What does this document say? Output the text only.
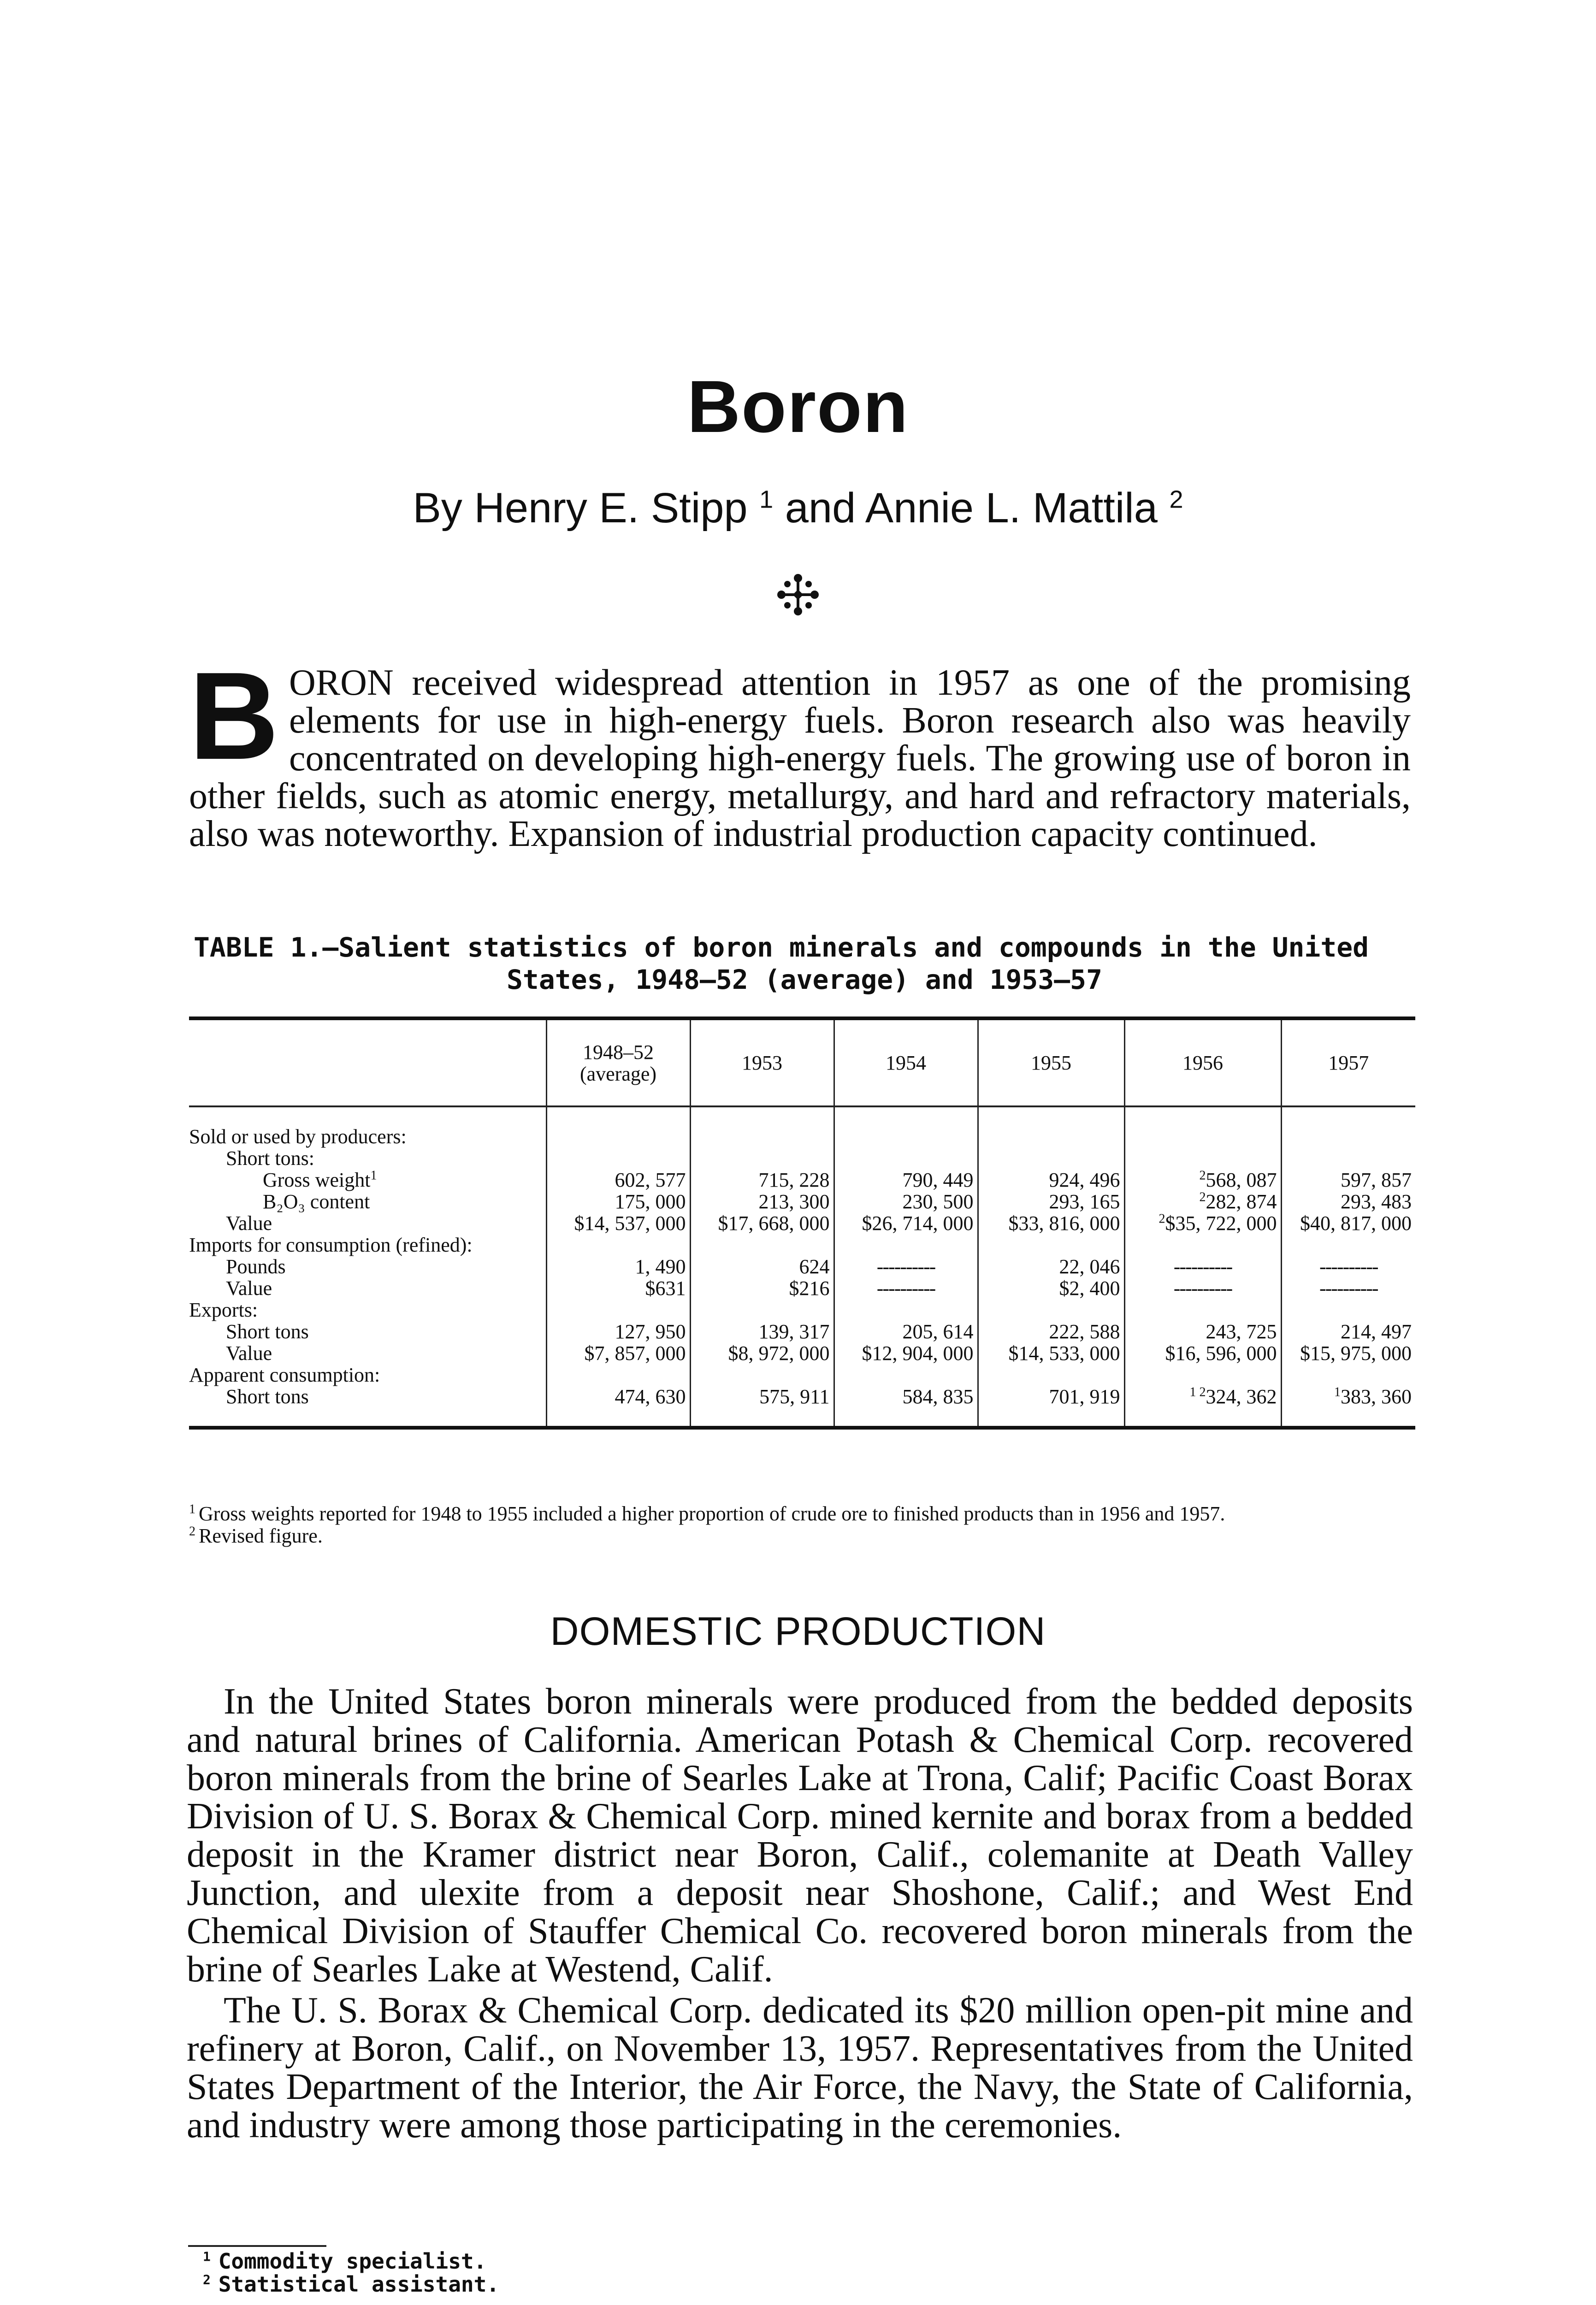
Boron
By Henry E. Stipp $^1$ and Annie L. Mattila $^2$
BORON received widespread attention in 1957 as one of the promising elements for use in high-energy fuels. Boron research also was heavily concentrated on developing high-energy fuels. The growing use of boron in other fields, such as atomic energy, metallurgy, and hard and refractory materials, also was noteworthy. Expansion of industrial production capacity continued.
TABLE 1.—Salient statistics of boron minerals and compounds in the United
States, 1948–52 (average) and 1953–57
	1948–52
(average)	1953	1954	1955	1956	1957
Sold or used by producers:						
Short tons:						
Gross weight$^1$	602, 577	715, 228	790, 449	924, 496	$^2$568, 087	597, 857
B₂O₃ content	175, 000	213, 300	230, 500	293, 165	$^2$282, 874	293, 483
Value	$14, 537, 000	$17, 668, 000	$26, 714, 000	$33, 816, 000	$^2$\$35, 722, 000	$40, 817, 000
Imports for consumption (refined):						
Pounds	1, 490	624	----------	22, 046	----------	----------
Value	$631	$216	----------	$2, 400	----------	----------
Exports:						
Short tons	127, 950	139, 317	205, 614	222, 588	243, 725	214, 497
Value	$7, 857, 000	$8, 972, 000	$12, 904, 000	$14, 533, 000	$16, 596, 000	$15, 975, 000
Apparent consumption:						
Short tons	474, 630	575, 911	584, 835	701, 919	$^{1 2}$324, 362	$^1$383, 360
$^1$ Gross weights reported for 1948 to 1955 included a higher proportion of crude ore to finished products than in 1956 and 1957.
$^2$ Revised figure.
DOMESTIC PRODUCTION

In the United States boron minerals were produced from the bedded deposits and natural brines of California. American Potash & Chemical Corp. recovered boron minerals from the brine of Searles Lake at Trona, Calif; Pacific Coast Borax Division of U. S. Borax & Chemical Corp. mined kernite and borax from a bedded deposit in the Kramer district near Boron, Calif., colemanite at Death Valley Junction, and ulexite from a deposit near Shoshone, Calif.; and West End Chemical Division of Stauffer Chemical Co. recovered boron minerals from the brine of Searles Lake at Westend, Calif.

The U. S. Borax & Chemical Corp. dedicated its $20 million open-pit mine and refinery at Boron, Calif., on November 13, 1957. Representatives from the United States Department of the Interior, the Air Force, the Navy, the State of California, and industry were among those participating in the ceremonies.

$^1$ Commodity specialist.
$^2$ Statistical assistant.
